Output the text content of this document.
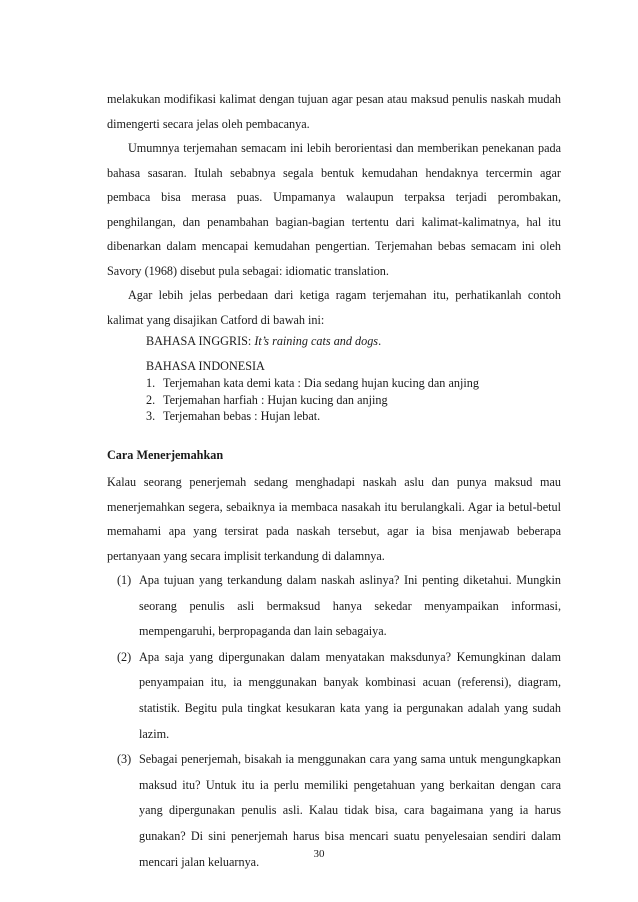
melakukan modifikasi kalimat dengan tujuan agar pesan atau maksud penulis naskah mudah dimengerti secara jelas oleh pembacanya.

Umumnya terjemahan semacam ini lebih berorientasi dan memberikan penekanan pada bahasa sasaran. Itulah sebabnya segala bentuk kemudahan hendaknya tercermin agar pembaca bisa merasa puas. Umpamanya walaupun terpaksa terjadi perombakan, penghilangan, dan penambahan bagian-bagian tertentu dari kalimat-kalimatnya, hal itu dibenarkan dalam mencapai kemudahan pengertian. Terjemahan bebas semacam ini oleh Savory (1968) disebut pula sebagai: idiomatic translation.

Agar lebih jelas perbedaan dari ketiga ragam terjemahan itu, perhatikanlah contoh kalimat yang disajikan Catford di bawah ini:

BAHASA INGGRIS: It’s raining cats and dogs.
BAHASA INDONESIA
1. Terjemahan kata demi kata : Dia sedang hujan kucing dan anjing
2. Terjemahan harfiah : Hujan kucing dan anjing
3. Terjemahan bebas : Hujan lebat.
Cara Menerjemahkan

Kalau seorang penerjemah sedang menghadapi naskah aslu dan punya maksud mau menerjemahkan segera, sebaiknya ia membaca nasakah itu berulangkali. Agar ia betul-betul memahami apa yang tersirat pada naskah tersebut, agar ia bisa menjawab beberapa pertanyaan yang secara implisit terkandung di dalamnya.

(1) Apa tujuan yang terkandung dalam naskah aslinya? Ini penting diketahui. Mungkin seorang penulis asli bermaksud hanya sekedar menyampaikan informasi, mempengaruhi, berpropaganda dan lain sebagaiya.
(2) Apa saja yang dipergunakan dalam menyatakan maksdunya? Kemungkinan dalam penyampaian itu, ia menggunakan banyak kombinasi acuan (referensi), diagram, statistik. Begitu pula tingkat kesukaran kata yang ia pergunakan adalah yang sudah lazim.
(3) Sebagai penerjemah, bisakah ia menggunakan cara yang sama untuk mengungkapkan maksud itu? Untuk itu ia perlu memiliki pengetahuan yang berkaitan dengan cara yang dipergunakan penulis asli. Kalau tidak bisa, cara bagaimana yang ia harus gunakan? Di sini penerjemah harus bisa mencari suatu penyelesaian sendiri dalam mencari jalan keluarnya.
30
